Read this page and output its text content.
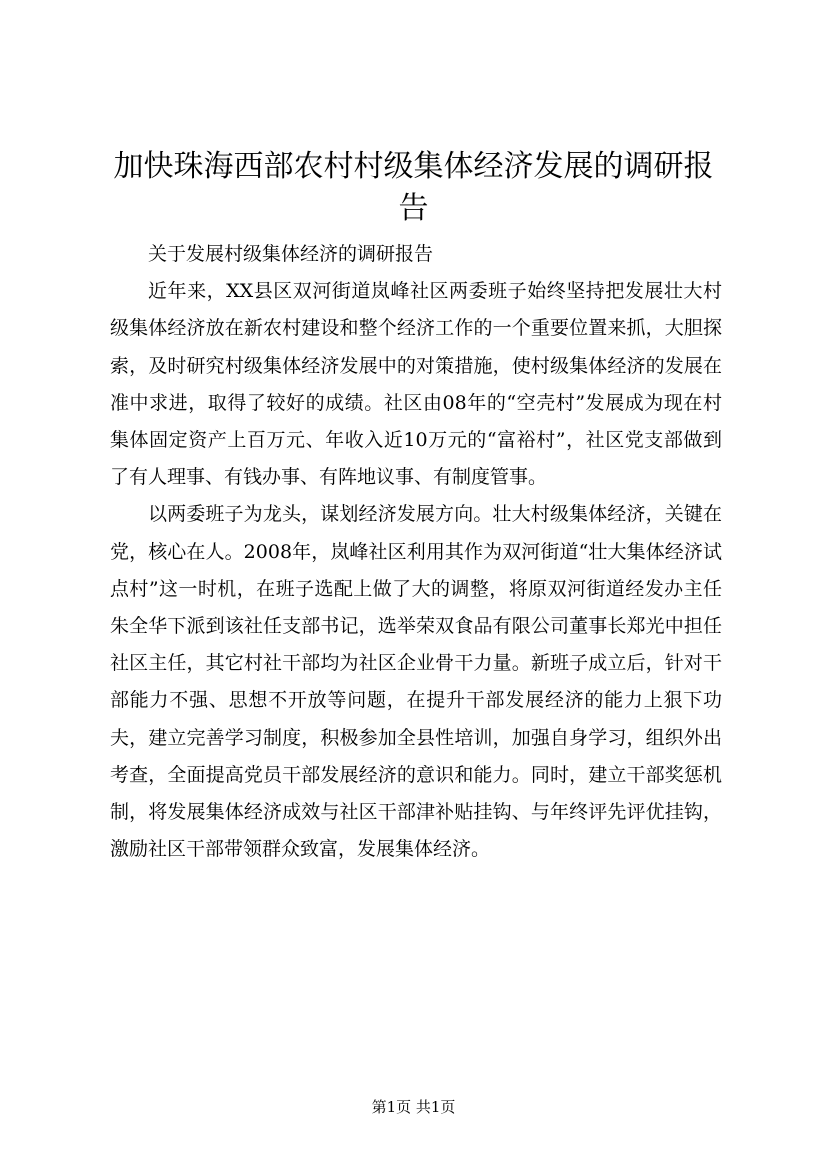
加快珠海西部农村村级集体经济发展的调研报告

关于发展村级集体经济的调研报告

近年来，XX县区双河街道岚峰社区两委班子始终坚持把发展壮大村级集体经济放在新农村建设和整个经济工作的一个重要位置来抓，大胆探索，及时研究村级集体经济发展中的对策措施，使村级集体经济的发展在准中求进，取得了较好的成绩。社区由08年的“空壳村”发展成为现在村集体固定资产上百万元、年收入近10万元的“富裕村”，社区党支部做到了有人理事、有钱办事、有阵地议事、有制度管事。

以两委班子为龙头，谋划经济发展方向。壮大村级集体经济，关键在党，核心在人。2008年，岚峰社区利用其作为双河街道“壮大集体经济试点村”这一时机，在班子选配上做了大的调整，将原双河街道经发办主任朱全华下派到该社任支部书记，选举荣双食品有限公司董事长郑光中担任社区主任，其它村社干部均为社区企业骨干力量。新班子成立后，针对干部能力不强、思想不开放等问题，在提升干部发展经济的能力上狠下功夫，建立完善学习制度，积极参加全县性培训，加强自身学习，组织外出考查，全面提高党员干部发展经济的意识和能力。同时，建立干部奖惩机制，将发展集体经济成效与社区干部津补贴挂钩、与年终评先评优挂钩，激励社区干部带领群众致富，发展集体经济。

第1页 共1页
